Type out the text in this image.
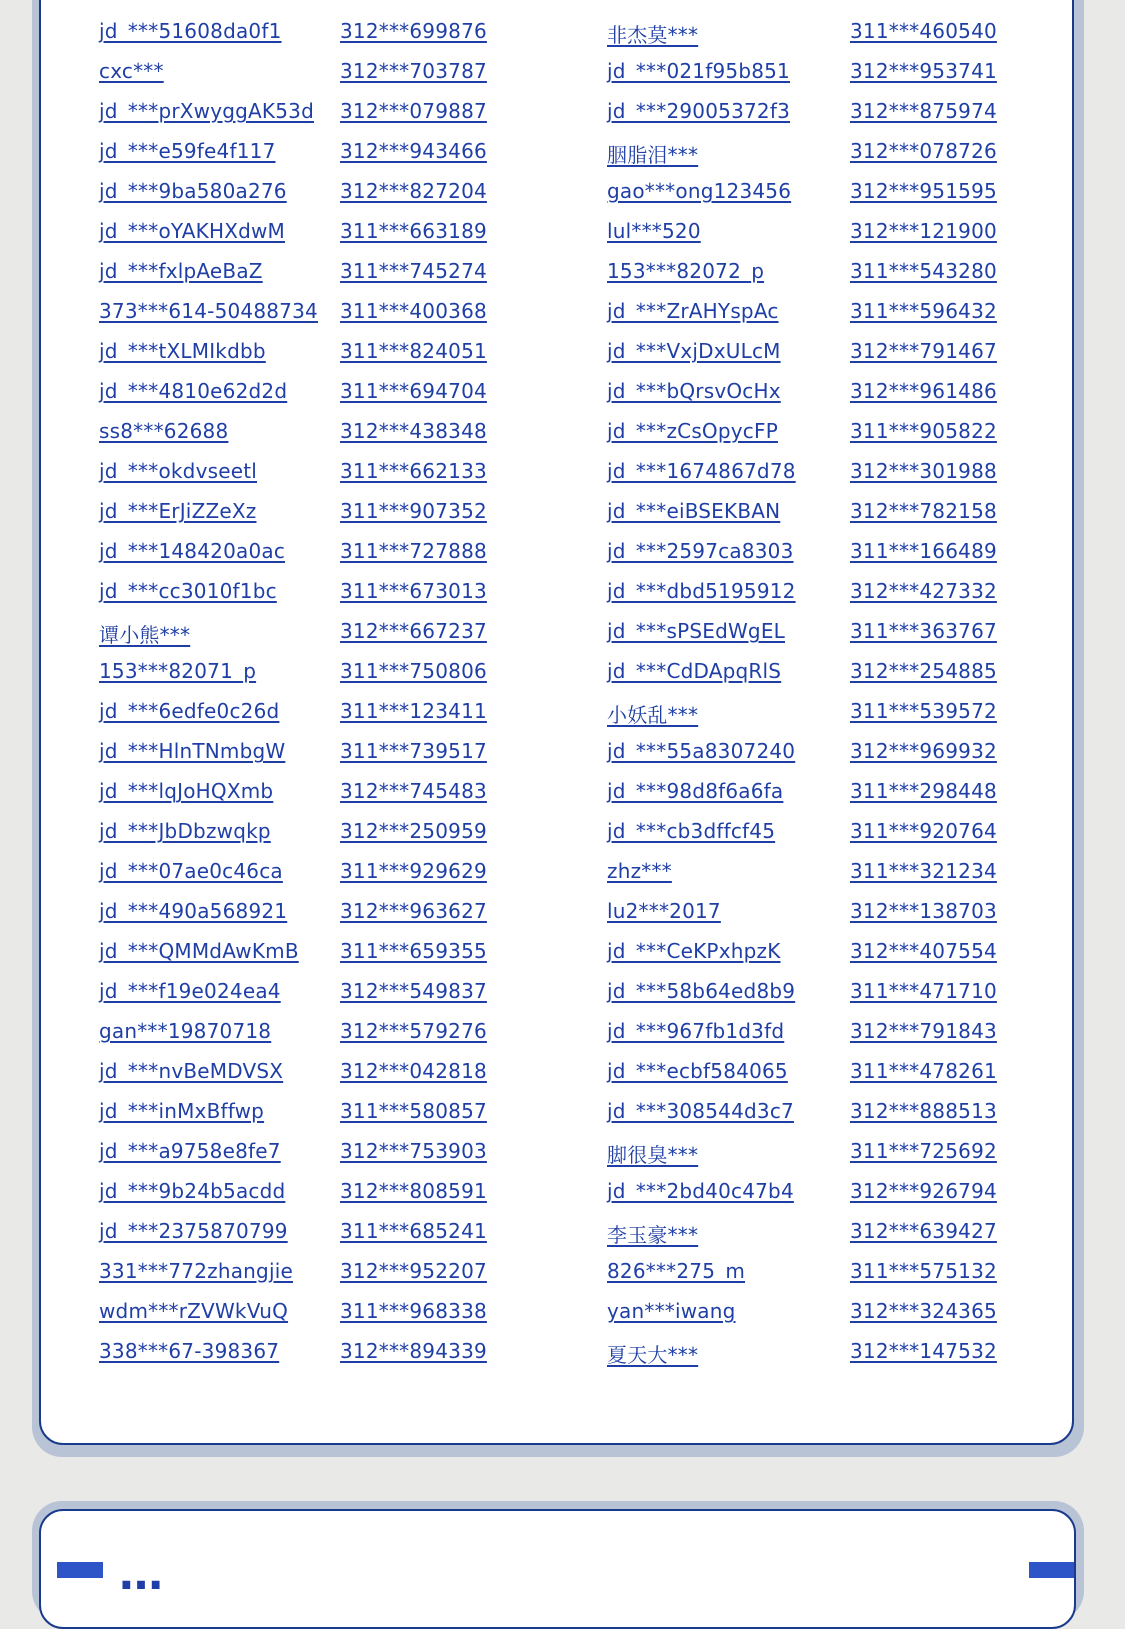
jd_***51608da0f1	312***699876	非杰莫***	311***460540
cxc***	312***703787	jd_***021f95b851	312***953741
jd_***prXwyggAK53d 312***079887	jd_***29005372f3	312***875974
jd_***e59fe4f117	312***943466	胭脂泪***	312***078726
jd_***9ba580a276	312***827204	gao***ong123456	312***951595
jd_***oYAKHXdwM	311***663189	lul***520	312***121900
jd_***fxlpAeBaZ	311***745274	153***82072_p	311***543280
373***614-50488734 311***400368	jd_***ZrAHYspAc	311***596432
jd_***tXLMIkdbb	311***824051	jd_***VxjDxULcM	312***791467
jd_***4810e62d2d	311***694704	jd_***bQrsvOcHx	312***961486
ss8***62688	312***438348	jd_***zCsOpycFP	311***905822
jd_***okdvseetl	311***662133	jd_***1674867d78	312***301988
jd_***ErJiZZeXz	311***907352	jd_***eiBSEKBAN	312***782158
jd_***148420a0ac	311***727888	jd_***2597ca8303	311***166489
jd_***cc3010f1bc	311***673013	jd_***dbd5195912	312***427332
谭小熊***	312***667237	jd_***sPSEdWgEL	311***363767
153***82071_p	311***750806	jd_***CdDApqRlS	312***254885
jd_***6edfe0c26d	311***123411	小妖乱***	311***539572
jd_***HlnTNmbgW	311***739517	jd_***55a8307240	312***969932
jd_***lqJoHQXmb	312***745483	jd_***98d8f6a6fa	311***298448
jd_***JbDbzwqkp	312***250959	jd_***cb3dffcf45	311***920764
jd_***07ae0c46ca	311***929629	zhz***	311***321234
jd_***490a568921	312***963627	lu2***2017	312***138703
jd_***QMMdAwKmB 311***659355	jd_***CeKPxhpzK	312***407554
jd_***f19e024ea4	312***549837	jd_***58b64ed8b9	311***471710
gan***19870718	312***579276	jd_***967fb1d3fd	312***791843
jd_***nvBeMDVSX	312***042818	jd_***ecbf584065	311***478261
jd_***inMxBffwp	311***580857	jd_***308544d3c7	312***888513
jd_***a9758e8fe7	312***753903	脚很臭***	311***725692
jd_***9b24b5acdd	312***808591	jd_***2bd40c47b4	312***926794
jd_***2375870799	311***685241	李玉豪***	312***639427
331***772zhangjie 312***952207	826***275_m	311***575132
wdm***rZVWkVuQ	311***968338	yan***iwang	312***324365
338***67-398367	312***894339	夏天大***	312***147532
…
